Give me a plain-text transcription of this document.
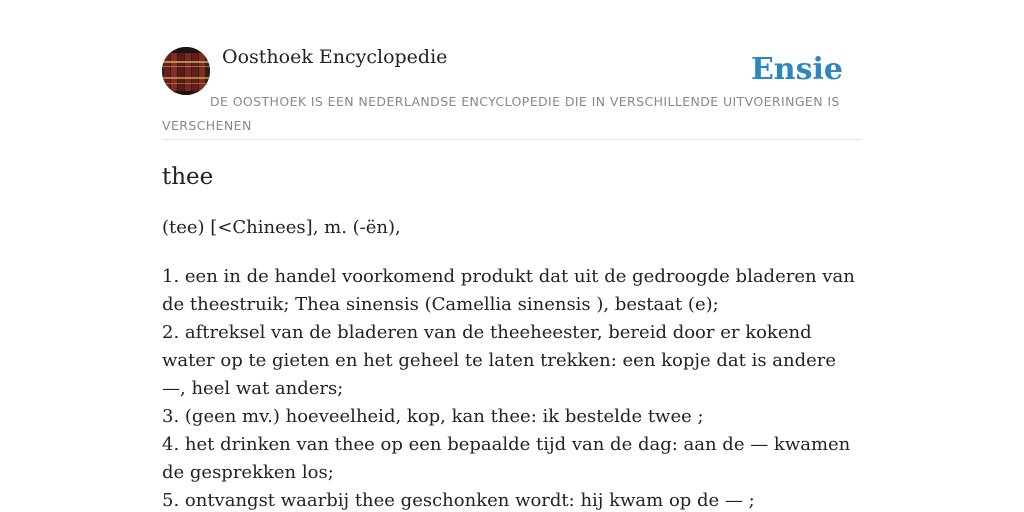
Oosthoek Encyclopedie	Ensie
DE OOSTHOEK IS EEN NEDERLANDSE ENCYCLOPEDIE DIE IN VERSCHILLENDE UITVOERINGEN IS VERSCHENEN
thee
(tee) [<Chinees], m. (-ën),
1. een in de handel voorkomend produkt dat uit de gedroogde bladeren van de theestruik; Thea sinensis (Camellia sinensis ), bestaat (e);
2. aftreksel van de bladeren van de theeheester, bereid door er kokend water op te gieten en het geheel te laten trekken: een kopje dat is andere —, heel wat anders;
3. (geen mv.) hoeveelheid, kop, kan thee: ik bestelde twee ;
4. het drinken van thee op een bepaalde tijd van de dag: aan de — kwamen de gesprekken los;
5. ontvangst waarbij thee geschonken wordt: hij kwam op de — ;
